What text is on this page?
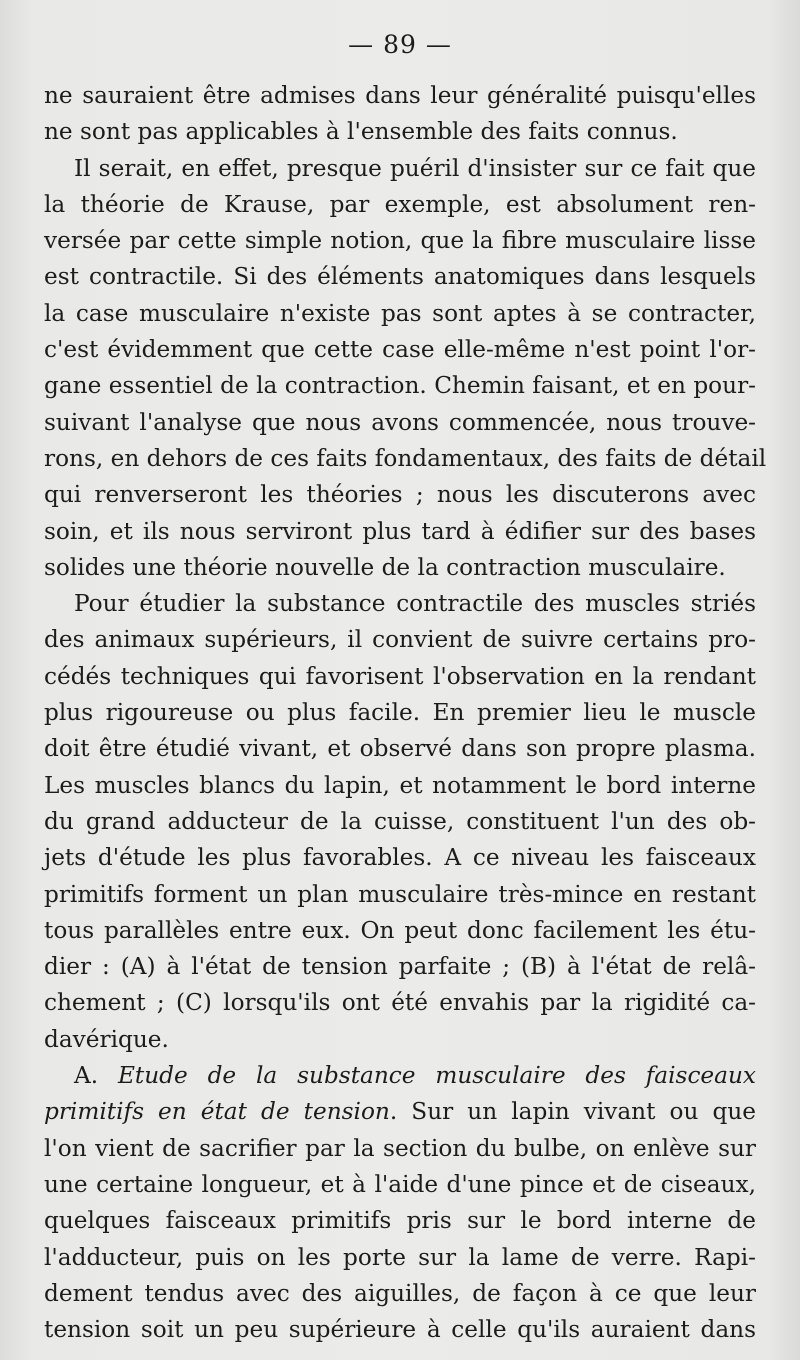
— 89 —
ne sauraient être admises dans leur généralité puisqu'elles
ne sont pas applicables à l'ensemble des faits connus.
Il serait, en effet, presque puéril d'insister sur ce fait que
la théorie de Krause, par exemple, est absolument ren-
versée par cette simple notion, que la fibre musculaire lisse
est contractile. Si des éléments anatomiques dans lesquels
la case musculaire n'existe pas sont aptes à se contracter,
c'est évidemment que cette case elle-même n'est point l'or-
gane essentiel de la contraction. Chemin faisant, et en pour-
suivant l'analyse que nous avons commencée, nous trouve-
rons, en dehors de ces faits fondamentaux, des faits de détail
qui renverseront les théories ; nous les discuterons avec
soin, et ils nous serviront plus tard à édifier sur des bases
solides une théorie nouvelle de la contraction musculaire.
Pour étudier la substance contractile des muscles striés
des animaux supérieurs, il convient de suivre certains pro-
cédés techniques qui favorisent l'observation en la rendant
plus rigoureuse ou plus facile. En premier lieu le muscle
doit être étudié vivant, et observé dans son propre plasma.
Les muscles blancs du lapin, et notamment le bord interne
du grand adducteur de la cuisse, constituent l'un des ob-
jets d'étude les plus favorables. A ce niveau les faisceaux
primitifs forment un plan musculaire très-mince en restant
tous parallèles entre eux. On peut donc facilement les étu-
dier : (A) à l'état de tension parfaite ; (B) à l'état de relâ-
chement ; (C) lorsqu'ils ont été envahis par la rigidité ca-
davérique.
A. Etude de la substance musculaire des faisceaux
primitifs en état de tension. Sur un lapin vivant ou que
l'on vient de sacrifier par la section du bulbe, on enlève sur
une certaine longueur, et à l'aide d'une pince et de ciseaux,
quelques faisceaux primitifs pris sur le bord interne de
l'adducteur, puis on les porte sur la lame de verre. Rapi-
dement tendus avec des aiguilles, de façon à ce que leur
tension soit un peu supérieure à celle qu'ils auraient dans
